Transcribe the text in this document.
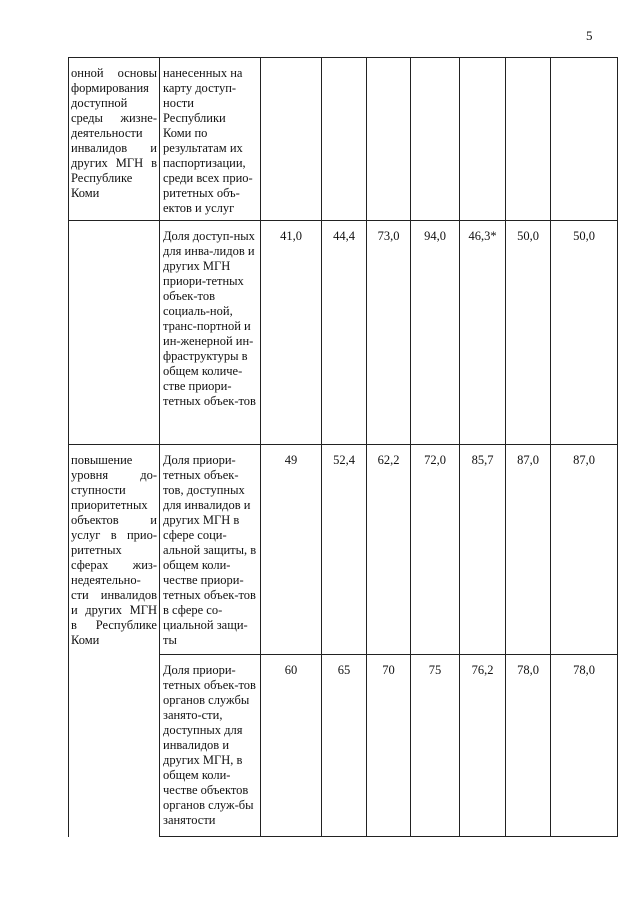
5
онной основы формирования доступной среды жизне-деятельности инвалидов и других МГН в Республике Коми	нанесенных на карту доступ-ности Республики Коми по результатам их паспортизации, среди всех прио-ритетных объ-ектов и услуг							
	Доля доступ-ных для инва-лидов и других МГН приори-тетных объек-тов социаль-ной, транс-портной и ин-женерной ин-фраструктуры в общем количе-стве приори-тетных объек-тов	41,0	44,4	73,0	94,0	46,3*	50,0	50,0
повышение уровня до-ступности приоритетных объектов и услуг в прио-ритетных сферах жиз-недеятельно-сти инвалидов и других МГН в Республике Коми	Доля приори-тетных объек-тов, доступных для инвалидов и других МГН в сфере соци-альной защиты, в общем коли-честве приори-тетных объек-тов в сфере со-циальной защи-ты	49	52,4	62,2	72,0	85,7	87,0	87,0
	Доля приори-тетных объек-тов органов службы занято-сти, доступных для инвалидов и других МГН, в общем коли-честве объектов органов служ-бы занятости	60	65	70	75	76,2	78,0	78,0
